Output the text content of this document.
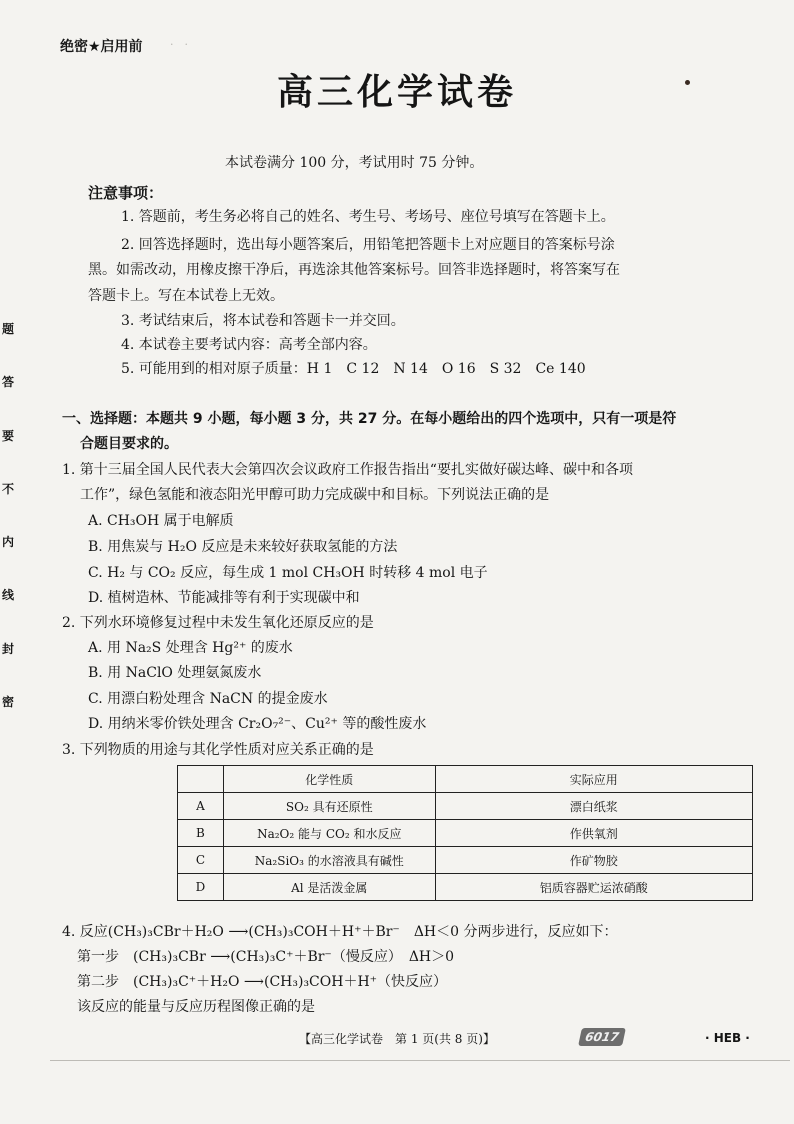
·　·　　　　　　
绝密★启用前
高三化学试卷
本试卷满分 100 分，考试用时 75 分钟。
注意事项：
1. 答题前，考生务必将自己的姓名、考生号、考场号、座位号填写在答题卡上。
2. 回答选择题时，选出每小题答案后，用铅笔把答题卡上对应题目的答案标号涂
黑。如需改动，用橡皮擦干净后，再选涂其他答案标号。回答非选择题时，将答案写在
答题卡上。写在本试卷上无效。
3. 考试结束后，将本试卷和答题卡一并交回。
4. 本试卷主要考试内容：高考全部内容。
5. 可能用到的相对原子质量：H 1　C 12　N 14　O 16　S 32　Ce 140
一、选择题：本题共 9 小题，每小题 3 分，共 27 分。在每小题给出的四个选项中，只有一项是符
合题目要求的。
1. 第十三届全国人民代表大会第四次会议政府工作报告指出“要扎实做好碳达峰、碳中和各项
工作”，绿色氢能和液态阳光甲醇可助力完成碳中和目标。下列说法正确的是
A. CH₃OH 属于电解质
B. 用焦炭与 H₂O 反应是未来较好获取氢能的方法
C. H₂ 与 CO₂ 反应，每生成 1 mol CH₃OH 时转移 4 mol 电子
D. 植树造林、节能减排等有利于实现碳中和
2. 下列水环境修复过程中未发生氧化还原反应的是
A. 用 Na₂S 处理含 Hg²⁺ 的废水
B. 用 NaClO 处理氨氮废水
C. 用漂白粉处理含 NaCN 的提金废水
D. 用纳米零价铁处理含 Cr₂O₇²⁻、Cu²⁺ 等的酸性废水
3. 下列物质的用途与其化学性质对应关系正确的是
	化学性质	实际应用
A	SO₂ 具有还原性	漂白纸浆
B	Na₂O₂ 能与 CO₂ 和水反应	作供氧剂
C	Na₂SiO₃ 的水溶液具有碱性	作矿物胶
D	Al 是活泼金属	铝质容器贮运浓硝酸
4. 反应(CH₃)₃CBr＋H₂O ⟶(CH₃)₃COH＋H⁺＋Br⁻　ΔH＜0 分两步进行，反应如下：
第一步　(CH₃)₃CBr ⟶(CH₃)₃C⁺＋Br⁻（慢反应）　ΔH＞0
第二步　(CH₃)₃C⁺＋H₂O ⟶(CH₃)₃COH＋H⁺（快反应）
该反应的能量与反应历程图像正确的是
题
答
要
不
内
线
封
密
【高三化学试卷　第 1 页(共 8 页)】	6017	· HEB ·
